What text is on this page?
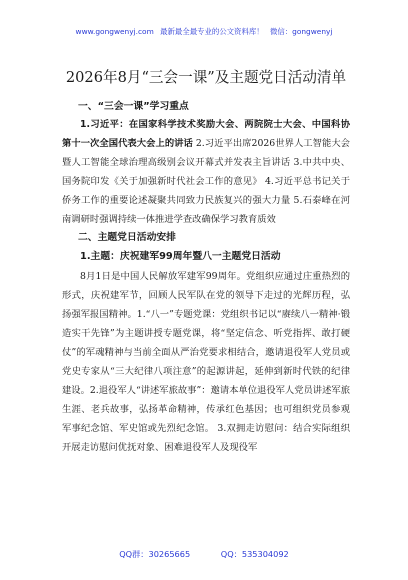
www.gongwenyj.com 最新最全最专业的公文资料库！ 微信：gongwenyj
2026年8月“三会一课”及主题党日活动清单
一、“三会一课”学习重点

1.习近平：在国家科学技术奖励大会、两院院士大会、中国科协第十一次全国代表大会上的讲话 2.习近平出席2026世界人工智能大会暨人工智能全球治理高级别会议开幕式并发表主旨讲话 3.中共中央、国务院印发《关于加强新时代社会工作的意见》 4.习近平总书记关于侨务工作的重要论述凝聚共同致力民族复兴的强大力量 5.石泰峰在河南调研时强调持续一体推进学查改确保学习教育质效

二、主题党日活动安排
1.主题：庆祝建军99周年暨八一主题党日活动

8月1日是中国人民解放军建军99周年。党组织应通过庄重热烈的形式，庆祝建军节，回顾人民军队在党的领导下走过的光辉历程，弘扬强军报国精神。1.“八一”专题党课：党组织书记以“赓续八一精神·锻造实干先锋”为主题讲授专题党课，将“坚定信念、听党指挥、敢打硬仗”的军魂精神与当前全面从严治党要求相结合，邀请退役军人党员或党史专家从“三大纪律八项注意”的起源讲起，延伸到新时代铁的纪律建设。2.退役军人“讲述军旅故事”：邀请本单位退役军人党员讲述军旅生涯、老兵故事，弘扬革命精神，传承红色基因；也可组织党员参观军事纪念馆、军史馆或先烈纪念馆。 3.双拥走访慰问：结合实际组织开展走访慰问优抚对象、困难退役军人及现役军

QQ群：30265665	QQ：535304092
